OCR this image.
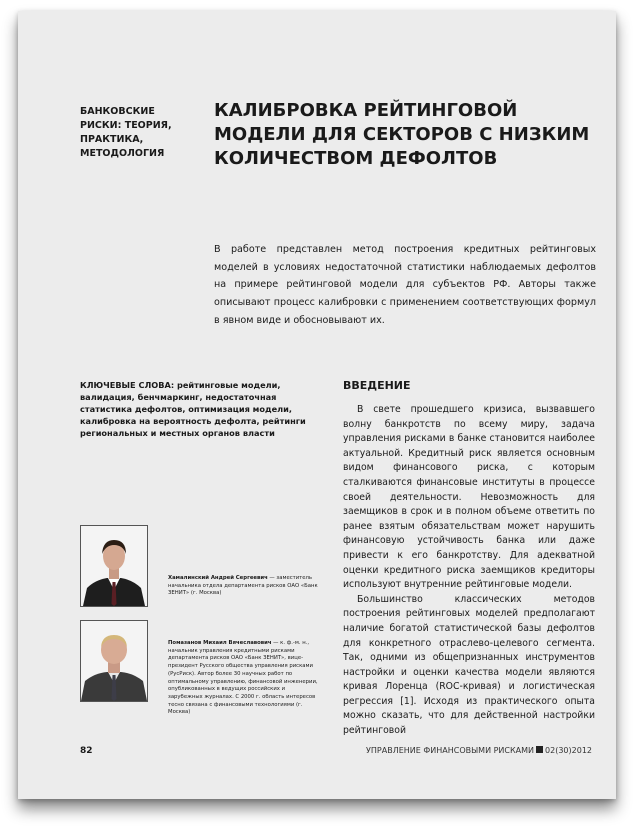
БАНКОВСКИЕ РИСКИ: ТЕОРИЯ, ПРАКТИКА, МЕТОДОЛОГИЯ
КАЛИБРОВКА РЕЙТИНГОВОЙ МОДЕЛИ ДЛЯ СЕКТОРОВ С НИЗКИМ КОЛИЧЕСТВОМ ДЕФОЛТОВ

В работе представлен метод построения кредитных рейтинговых моделей в условиях недостаточной статистики наблюдаемых дефолтов на примере рейтинговой модели для субъектов РФ. Авторы также описывают процесс калибровки с применением соответствующих формул в явном виде и обосновывают их.

КЛЮЧЕВЫЕ СЛОВА: рейтинговые модели, валидация, бенчмаркинг, недостаточная статистика дефолтов, оптимизация модели, калибровка на вероятность дефолта, рейтинги региональных и местных органов власти

ВВЕДЕНИЕ

В свете прошедшего кризиса, вызвавшего волну банкротств по всему миру, задача управления рисками в банке становится наиболее актуальной. Кредитный риск является основным видом финансового риска, с которым сталкиваются финансовые институты в процессе своей деятельности. Невозможность для заемщиков в срок и в полном объеме ответить по ранее взятым обязательствам может нарушить финансовую устойчивость банка или даже привести к его банкротству. Для адекватной оценки кредитного риска заемщиков кредиторы используют внутренние рейтинговые модели.

Большинство классических методов построения рейтинговых моделей предполагают наличие богатой статистической базы дефолтов для конкретного отраслево-целевого сегмента. Так, одними из общепризнанных инструментов настройки и оценки качества модели являются кривая Лоренца (ROC-кривая) и логистическая регрессия [1]. Исходя из практического опыта можно сказать, что для действенной настройки рейтинговой

Хамалинский Андрей Сергеевич — заместитель начальника отдела департамента рисков ОАО «Банк ЗЕНИТ» (г. Москва)

Помазанов Михаил Вячеславович — к. ф.-м. н., начальник управления кредитными рисками департамента рисков ОАО «Банк ЗЕНИТ», вице-президент Русского общества управления рисками (РусРиск). Автор более 30 научных работ по оптимальному управлению, финансовой инженерии, опубликованных в ведущих российских и зарубежных журналах. С 2000 г. область интересов тесно связана с финансовыми технологиями (г. Москва)

82	УПРАВЛЕНИЕ ФИНАНСОВЫМИ РИСКАМИ 02(30)2012
